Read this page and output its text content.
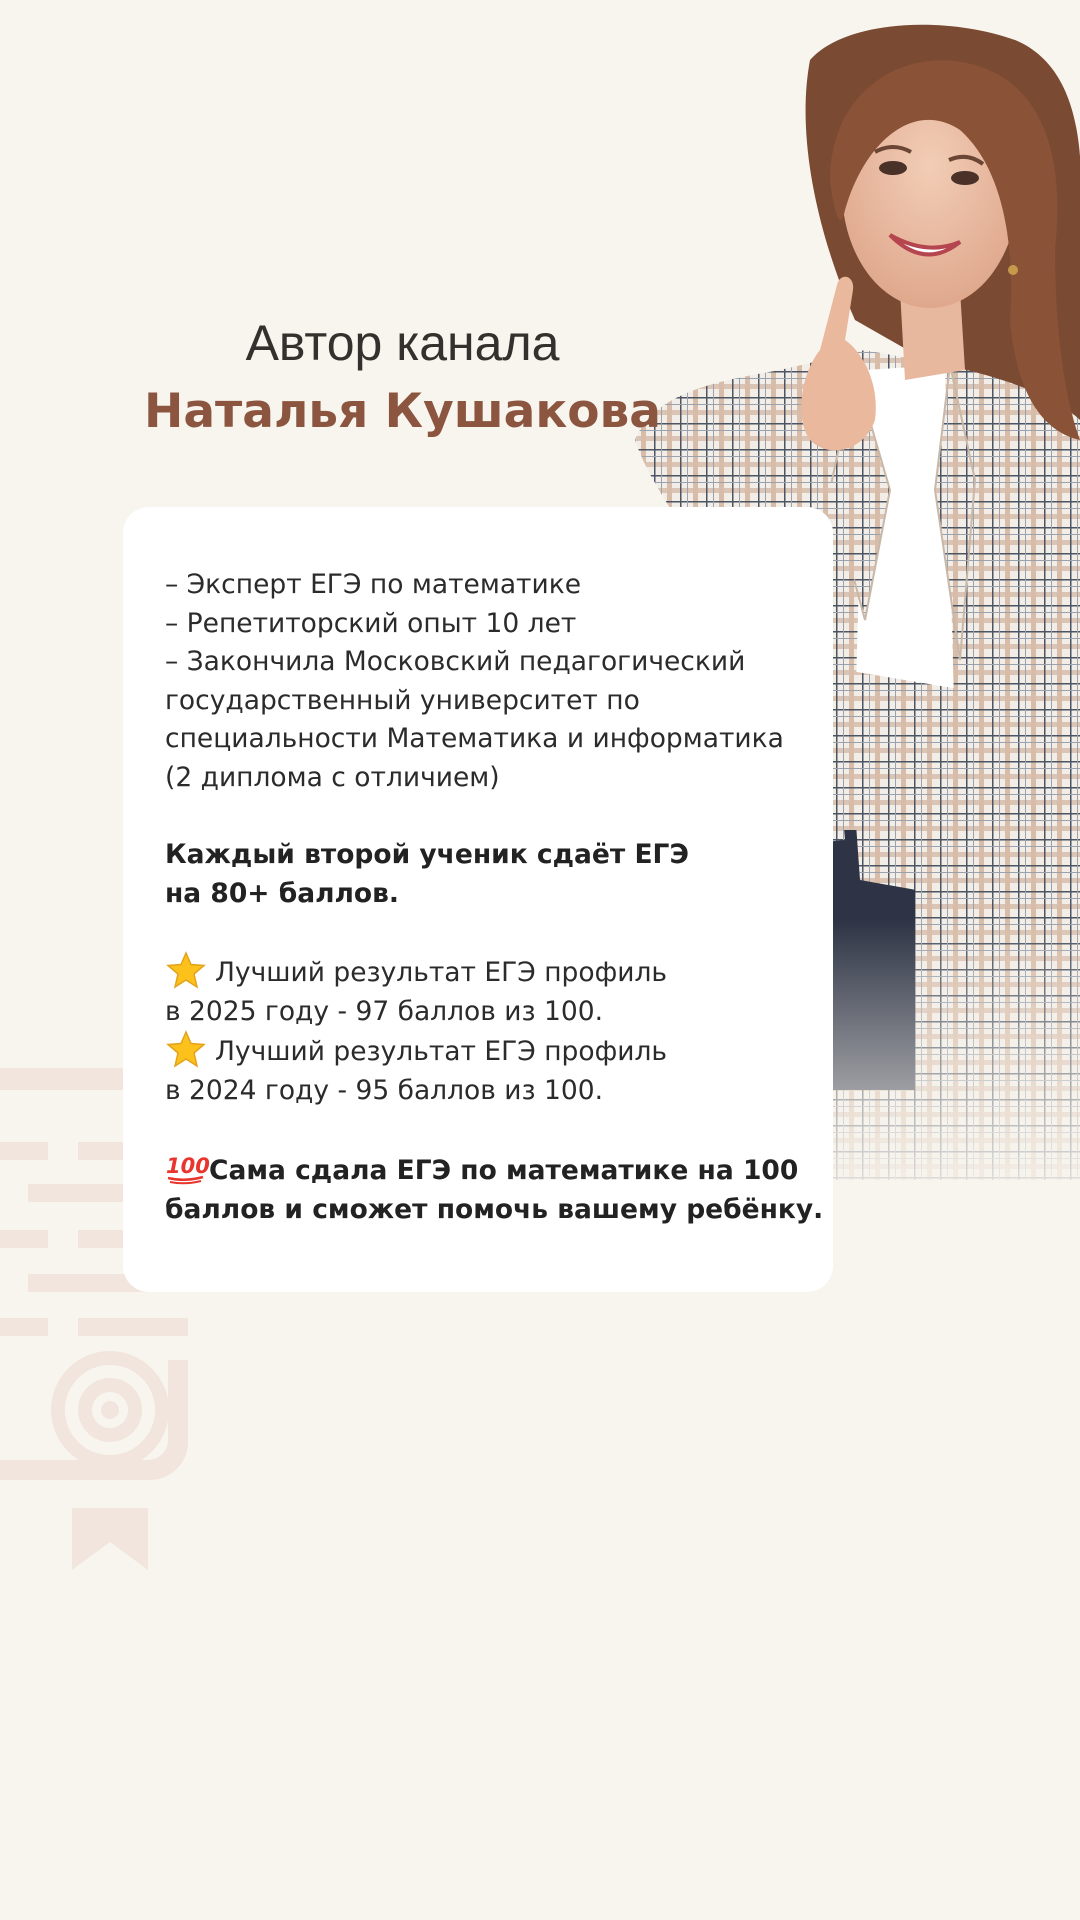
Автор канала
Наталья Кушакова
– Эксперт ЕГЭ по математике
– Репетиторский опыт 10 лет
– Закончила Московский педагогический
государственный университет по
специальности Математика и информатика
(2 диплома с отличием)
Каждый второй ученик сдаёт ЕГЭ
на 80+ баллов.
Лучший результат ЕГЭ профиль
в 2025 году - 97 баллов из 100.
Лучший результат ЕГЭ профиль
в 2024 году - 95 баллов из 100.
100 Сама сдала ЕГЭ по математике на 100
баллов и сможет помочь вашему ребёнку.
